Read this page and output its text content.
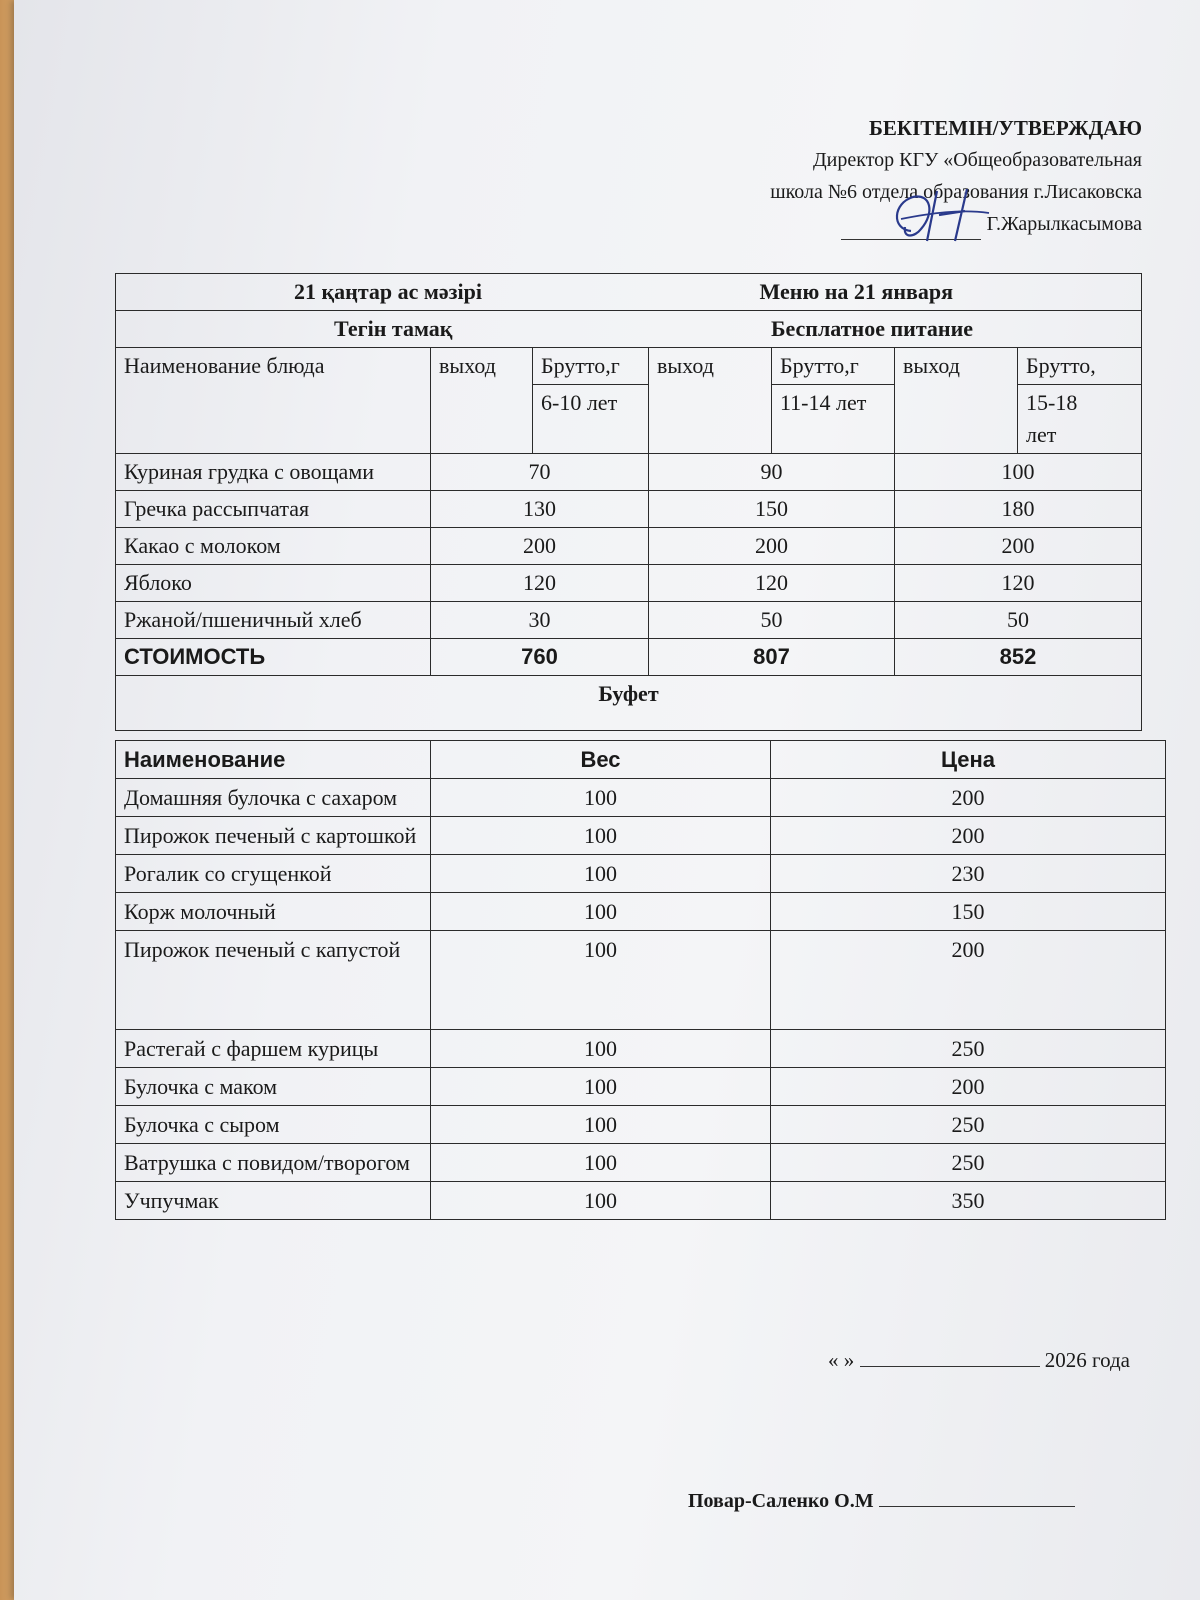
БЕКІТЕМІН/УТВЕРЖДАЮ
Директор КГУ «Общеобразовательная
школа №6 отдела образования г.Лисаковска
Г.Жарылкасымова
21 қаңтар ас мәзірі Меню на 21 января						

Тегін тамақ Бесплатное питание						

Наименование блюда	выход	Брутто,г	выход	Брутто,г	выход	Брутто,
		6-10 лет		11-14 лет		15-18
лет

Куриная грудка с овощами	70		90		100	
Гречка рассыпчатая	130		150		180	
Какао с молоком	200		200		200	
Яблоко	120		120		120	
Ржаной/пшеничный хлеб	30		50		50	
СТОИМОСТЬ	760		807		852	
Буфет						
Наименование	Вес	Цена
Домашняя булочка с сахаром	100	200
Пирожок печеный с картошкой	100	200
Рогалик со сгущенкой	100	230
Корж молочный	100	150
Пирожок печеный с капустой	100	200
Растегай с фаршем курицы	100	250
Булочка с маком	100	200
Булочка с сыром	100	250
Ватрушка с повидом/творогом	100	250
Учпучмак	100	350
« »	2026 года
Повар-Саленко О.М
